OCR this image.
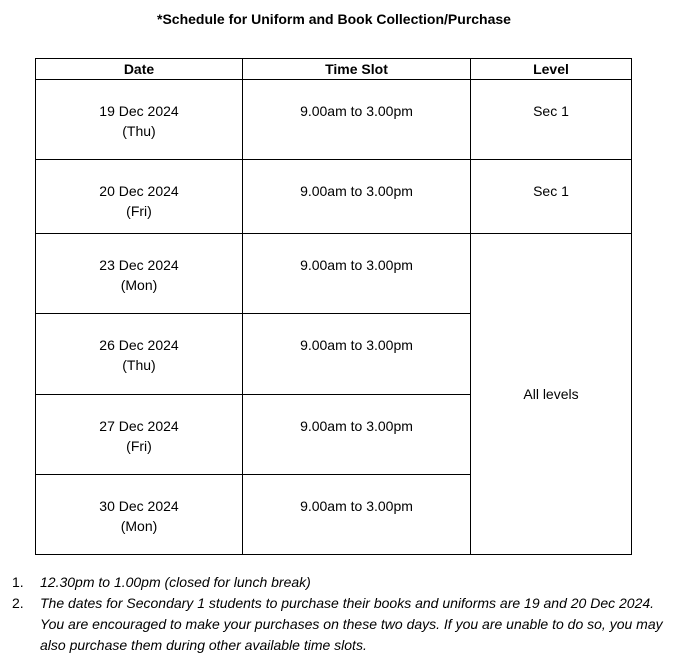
*Schedule for Uniform and Book Collection/Purchase
Date	Time Slot	Level

19 Dec 2024
(Thu)	9.00am to 3.00pm	Sec 1

20 Dec 2024
(Fri)	9.00am to 3.00pm	Sec 1

23 Dec 2024
(Mon)	9.00am to 3.00pm	All levels

26 Dec 2024
(Thu)	9.00am to 3.00pm	

27 Dec 2024
(Fri)	9.00am to 3.00pm	

30 Dec 2024
(Mon)	9.00am to 3.00pm	
1. 12.30pm to 1.00pm (closed for lunch break)
2. The dates for Secondary 1 students to purchase their books and uniforms are 19 and 20 Dec 2024. You are encouraged to make your purchases on these two days. If you are unable to do so, you may also purchase them during other available time slots.
